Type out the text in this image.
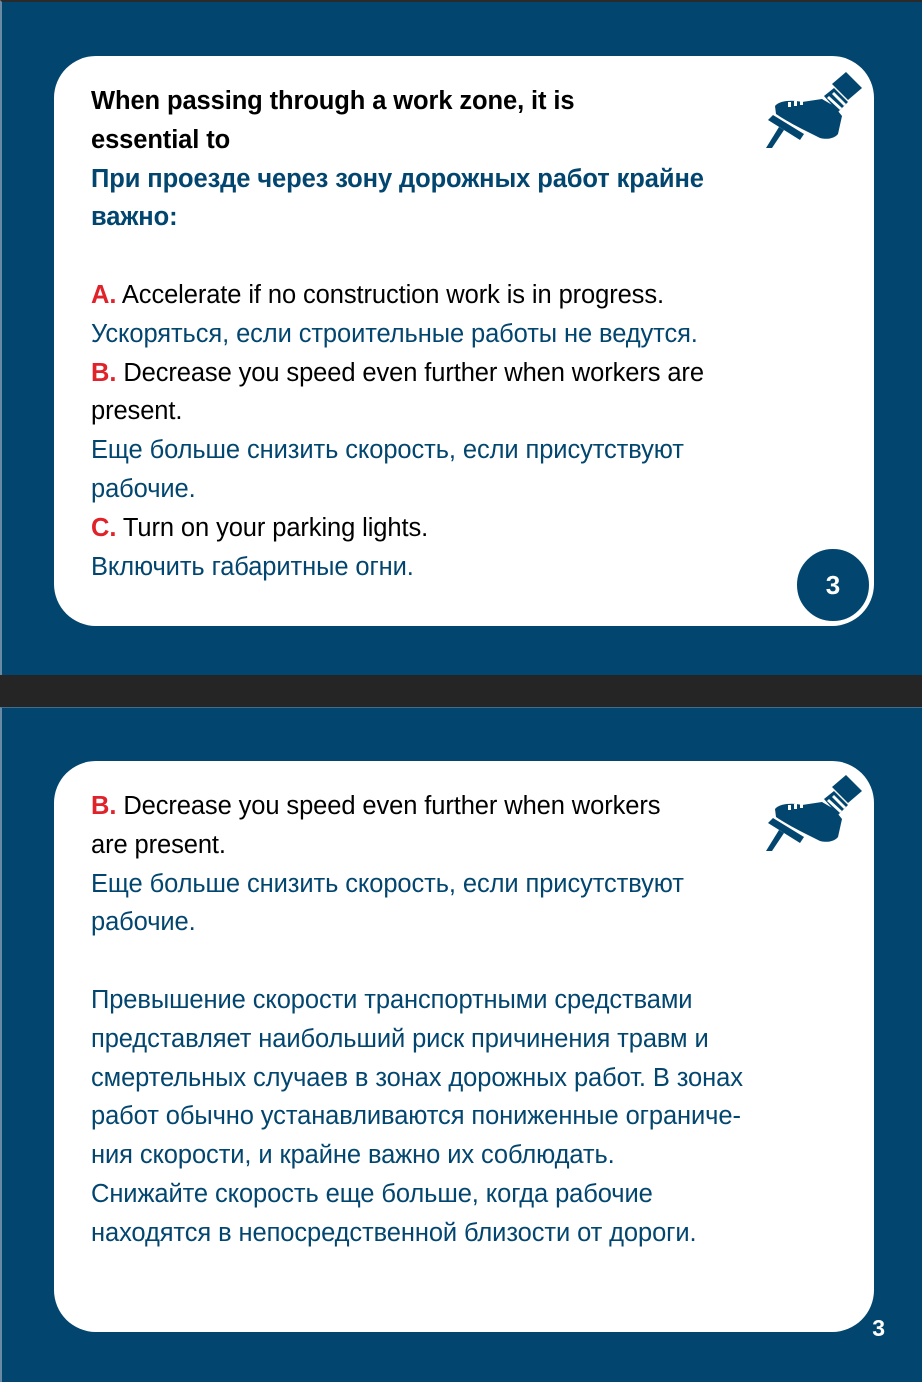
When passing through a work zone, it is

essential to

При проезде через зону дорожных работ крайне

важно:

A. Accelerate if no construction work is in progress.

Ускоряться, если строительные работы не ведутся.

B. Decrease you speed even further when workers are

present.

Еще больше снизить скорость, если присутствуют

рабочие.

C. Turn on your parking lights.

Включить габаритные огни.

3

B. Decrease you speed even further when workers

are present.

Еще больше снизить скорость, если присутствуют

рабочие.

Превышение скорости транспортными средствами

представляет наибольший риск причинения травм и

смертельных случаев в зонах дорожных работ. В зонах

работ обычно устанавливаются пониженные ограниче-

ния скорости, и крайне важно их соблюдать.

Снижайте скорость еще больше, когда рабочие

находятся в непосредственной близости от дороги.

3
